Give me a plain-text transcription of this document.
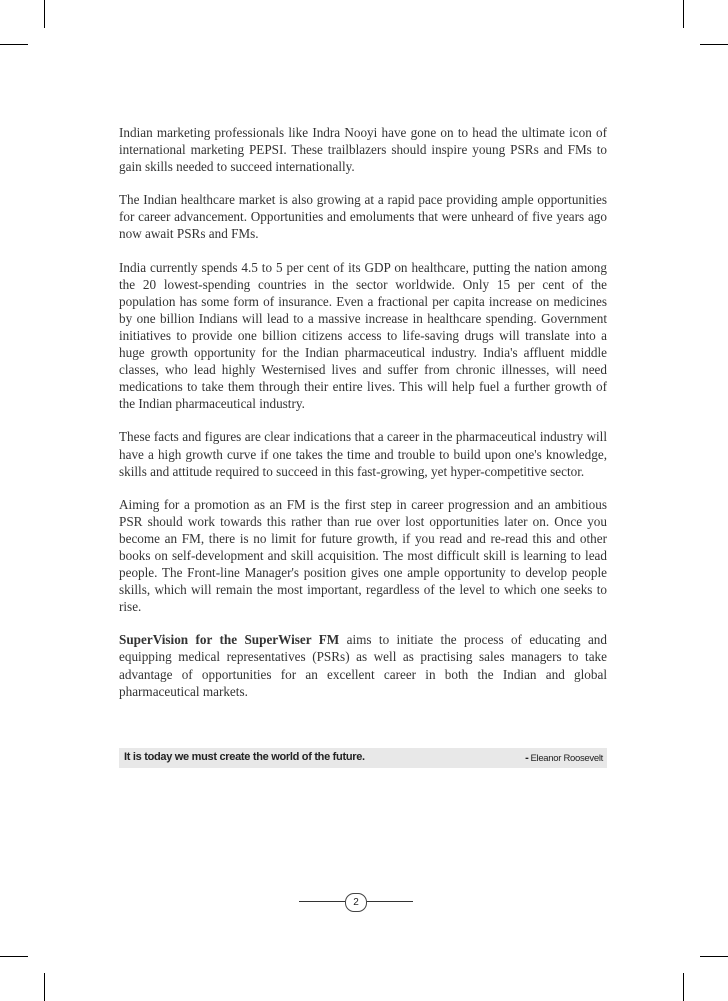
Indian marketing professionals like Indra Nooyi have gone on to head the ultimate icon of international marketing PEPSI. These trailblazers should inspire young PSRs and FMs to gain skills needed to succeed internationally.

The Indian healthcare market is also growing at a rapid pace providing ample opportunities for career advancement. Opportunities and emoluments that were unheard of five years ago now await PSRs and FMs.

India currently spends 4.5 to 5 per cent of its GDP on healthcare, putting the nation among the 20 lowest-spending countries in the sector worldwide. Only 15 per cent of the population has some form of insurance. Even a fractional per capita increase on medicines by one billion Indians will lead to a massive increase in healthcare spending. Government initiatives to provide one billion citizens access to life-saving drugs will translate into a huge growth opportunity for the Indian pharmaceutical industry. India's affluent middle classes, who lead highly Westernised lives and suffer from chronic illnesses, will need medications to take them through their entire lives. This will help fuel a further growth of the Indian pharmaceutical industry.

These facts and figures are clear indications that a career in the pharmaceutical industry will have a high growth curve if one takes the time and trouble to build upon one's knowledge, skills and attitude required to succeed in this fast-growing, yet hyper-competitive sector.

Aiming for a promotion as an FM is the first step in career progression and an ambitious PSR should work towards this rather than rue over lost opportunities later on. Once you become an FM, there is no limit for future growth, if you read and re-read this and other books on self-development and skill acquisition. The most difficult skill is learning to lead people. The Front-line Manager's position gives one ample opportunity to develop people skills, which will remain the most important, regardless of the level to which one seeks to rise.

SuperVision for the SuperWiser FM aims to initiate the process of educating and equipping medical representatives (PSRs) as well as practising sales managers to take advantage of opportunities for an excellent career in both the Indian and global pharmaceutical markets.

It is today we must create the world of the future.	- Eleanor Roosevelt
2
